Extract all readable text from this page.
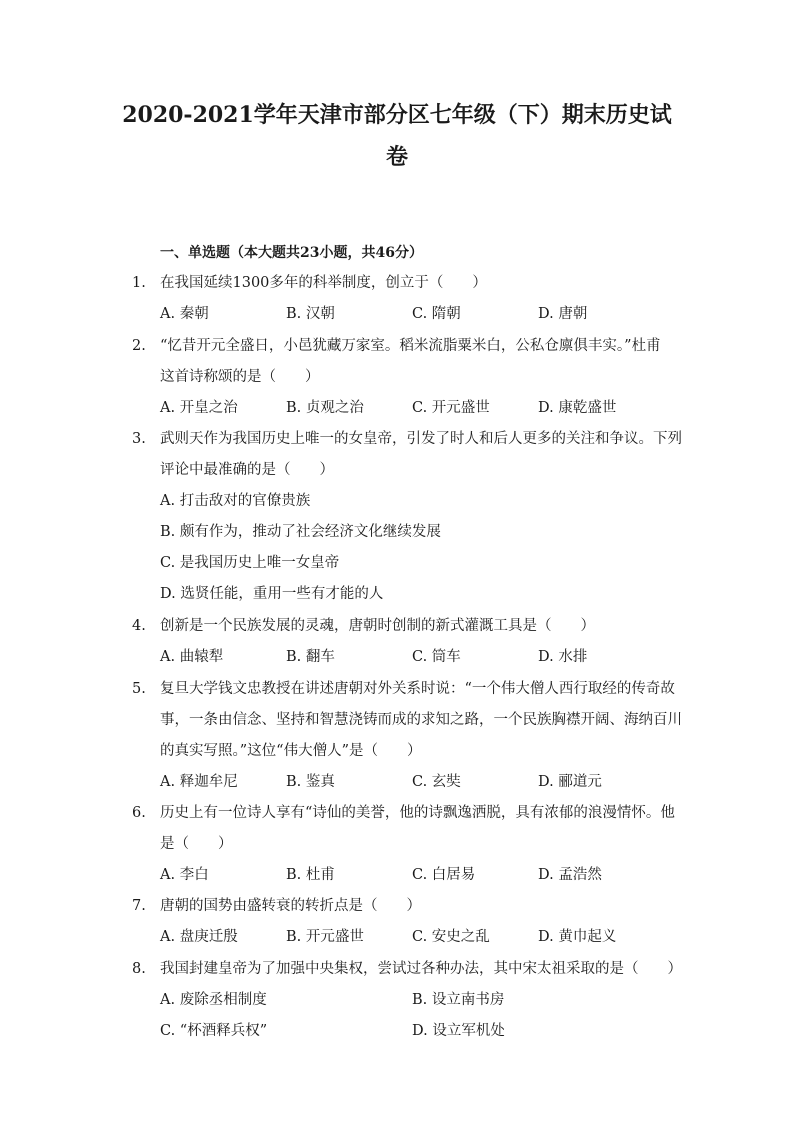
2020-2021学年天津市部分区七年级（下）期末历史试
卷

一、单选题（本大题共23小题，共46分）

1. 在我国延续1300多年的科举制度，创立于（　　）
A. 秦朝	B. 汉朝	C. 隋朝	D. 唐朝
2. “忆昔开元全盛日，小邑犹藏万家室。稻米流脂粟米白，公私仓廪俱丰实。”杜甫
这首诗称颂的是（　　）
A. 开皇之治	B. 贞观之治	C. 开元盛世	D. 康乾盛世
3. 武则天作为我国历史上唯一的女皇帝，引发了时人和后人更多的关注和争议。下列
评论中最准确的是（　　）
A. 打击敌对的官僚贵族
B. 颇有作为，推动了社会经济文化继续发展
C. 是我国历史上唯一女皇帝
D. 选贤任能，重用一些有才能的人
4. 创新是一个民族发展的灵魂，唐朝时创制的新式灌溉工具是（　　）
A. 曲辕犁	B. 翻车	C. 筒车	D. 水排
5. 复旦大学钱文忠教授在讲述唐朝对外关系时说：“一个伟大僧人西行取经的传奇故
事，一条由信念、坚持和智慧浇铸而成的求知之路，一个民族胸襟开阔、海纳百川
的真实写照。”这位“伟大僧人”是（　　）
A. 释迦牟尼	B. 鉴真	C. 玄奘	D. 郦道元
6. 历史上有一位诗人享有“诗仙的美誉，他的诗飘逸洒脱，具有浓郁的浪漫情怀。他
是（　　）
A. 李白	B. 杜甫	C. 白居易	D. 孟浩然
7. 唐朝的国势由盛转衰的转折点是（　　）
A. 盘庚迁殷	B. 开元盛世	C. 安史之乱	D. 黄巾起义
8. 我国封建皇帝为了加强中央集权，尝试过各种办法，其中宋太祖采取的是（　　）
A. 废除丞相制度	B. 设立南书房
C. “杯酒释兵权”	D. 设立军机处
